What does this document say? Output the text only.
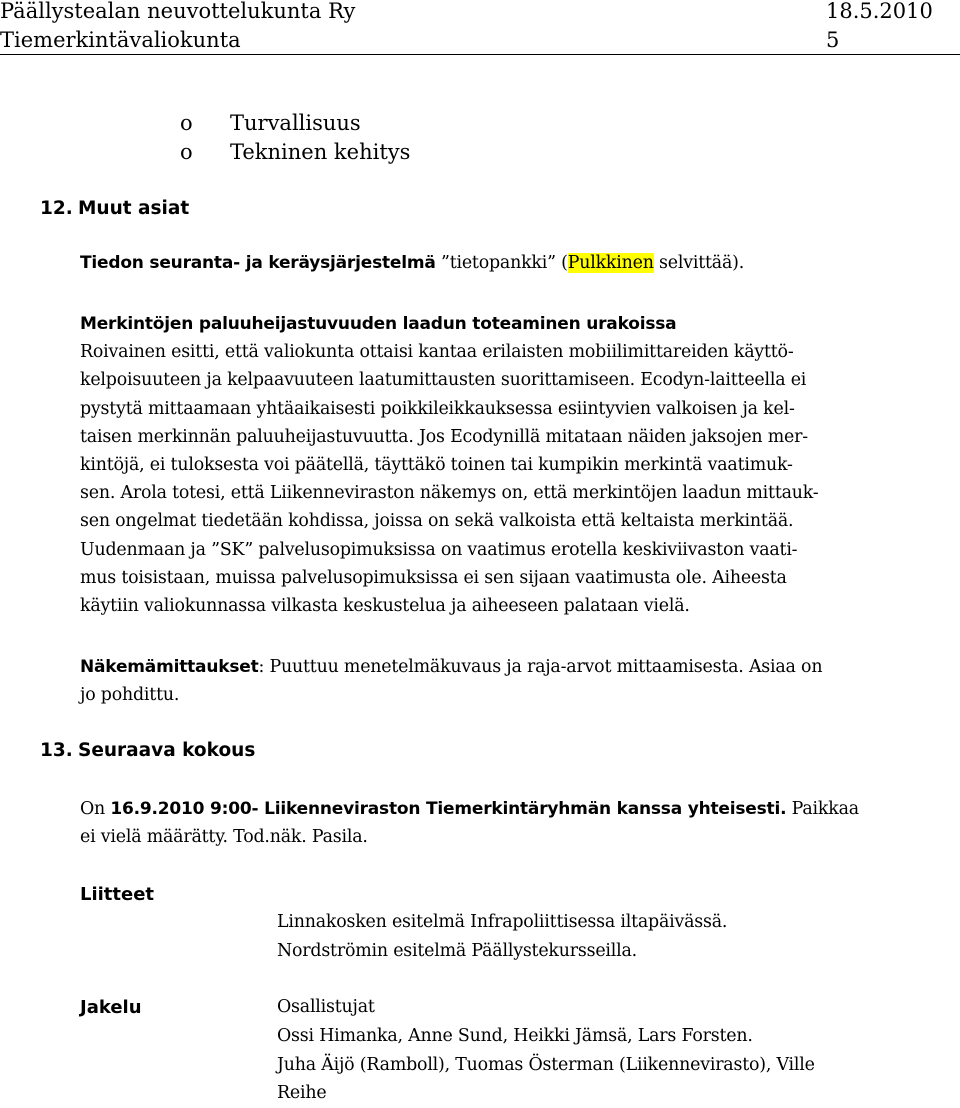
Päällystealan neuvottelukunta Ry	18.5.2010
Tiemerkintävaliokunta	5
o Turvallisuus
o Tekninen kehitys
12. Muut asiat
Tiedon seuranta- ja keräysjärjestelmä ”tietopankki” (Pulkkinen selvittää).
Merkintöjen paluuheijastuvuuden laadun toteaminen urakoissa
Roivainen esitti, että valiokunta ottaisi kantaa erilaisten mobiilimittareiden käyttö-
kelpoisuuteen ja kelpaavuuteen laatumittausten suorittamiseen. Ecodyn-laitteella ei
pystytä mittaamaan yhtäaikaisesti poikkileikkauksessa esiintyvien valkoisen ja kel-
taisen merkinnän paluuheijastuvuutta. Jos Ecodynillä mitataan näiden jaksojen mer-
kintöjä, ei tuloksesta voi päätellä, täyttäkö toinen tai kumpikin merkintä vaatimuk-
sen. Arola totesi, että Liikenneviraston näkemys on, että merkintöjen laadun mittauk-
sen ongelmat tiedetään kohdissa, joissa on sekä valkoista että keltaista merkintää.
Uudenmaan ja ”SK” palvelusopimuksissa on vaatimus erotella keskiviivaston vaati-
mus toisistaan, muissa palvelusopimuksissa ei sen sijaan vaatimusta ole. Aiheesta
käytiin valiokunnassa vilkasta keskustelua ja aiheeseen palataan vielä.
Näkemämittaukset: Puuttuu menetelmäkuvaus ja raja-arvot mittaamisesta. Asiaa on
jo pohdittu.
13. Seuraava kokous
On 16.9.2010 9:00- Liikenneviraston Tiemerkintäryhmän kanssa yhteisesti. Paikkaa
ei vielä määrätty. Tod.näk. Pasila.
Liitteet
Linnakosken esitelmä Infrapoliittisessa iltapäivässä.
Nordströmin esitelmä Päällystekursseilla.
Jakelu	Osallistujat
Ossi Himanka, Anne Sund, Heikki Jämsä, Lars Forsten.
Juha Äijö (Ramboll), Tuomas Österman (Liikennevirasto), Ville
Reihe
